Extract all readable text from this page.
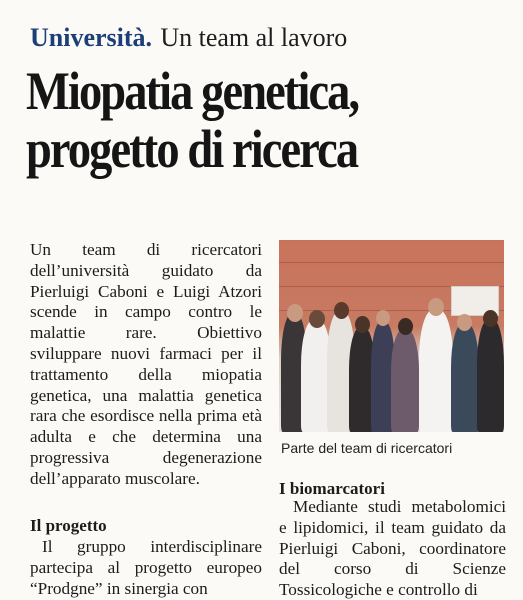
Università. Un team al lavoro
Miopatia genetica,
progetto di ricerca

Un team di ricercatori dell’università guidato da Pierluigi Caboni e Luigi Atzori scende in campo contro le malattie rare. Obiettivo sviluppare nuovi farmaci per il trattamento della miopatia genetica, una malattia genetica rara che esordisce nella prima età adulta e che determina una progressiva degenerazione dell’apparato muscolare.

Il progetto

Il gruppo interdisciplinare partecipa al progetto europeo “Prodgne” in sinergia con

Parte del team di ricercatori
I biomarcatori

Mediante studi metabolomici e lipidomici, il team guidato da Pierluigi Caboni, coordinatore del corso di Scienze Tossicologiche e controllo di
